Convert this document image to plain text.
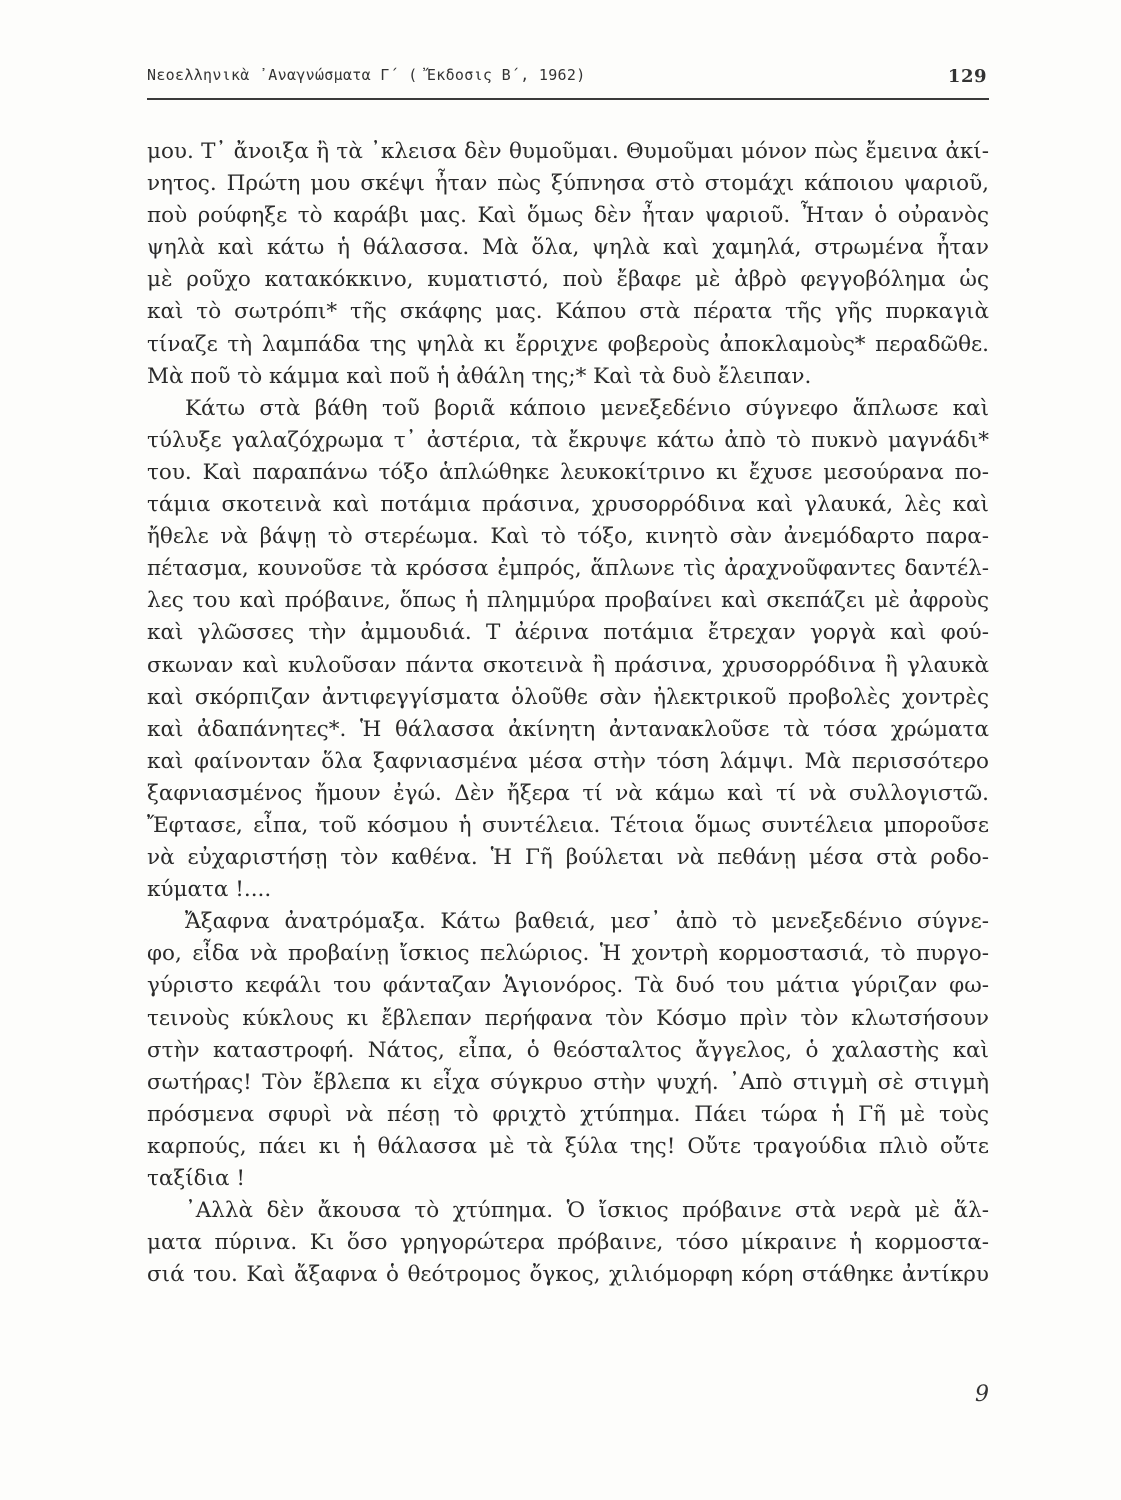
Νεοελληνικὰ ᾿Αναγνώσματα Γ΄ ( Ἔκδοσις Β΄, 1962)	129
μου. Τ᾿ ἄνοιξα ἢ τὰ ᾿κλεισα δὲν θυμοῦμαι. Θυμοῦμαι μόνον πὼς ἔμεινα ἀκί-
νητος. Πρώτη μου σκέψι ἦταν πὼς ξύπνησα στὸ στομάχι κάποιου ψαριοῦ,
ποὺ ρούφηξε τὸ καράβι μας. Καὶ ὅμως δὲν ἦταν ψαριοῦ. Ἦταν ὁ οὐρανὸς
ψηλὰ καὶ κάτω ἡ θάλασσα. Μὰ ὅλα, ψηλὰ καὶ χαμηλά, στρωμένα ἦταν
μὲ ροῦχο κατακόκκινο, κυματιστό, ποὺ ἔβαφε μὲ ἀβρὸ φεγγοβόλημα ὡς
καὶ τὸ σωτρόπι* τῆς σκάφης μας. Κάπου στὰ πέρατα τῆς γῆς πυρκαγιὰ
τίναζε τὴ λαμπάδα της ψηλὰ κι ἔρριχνε φοβεροὺς ἀποκλαμοὺς* περαδῶθε.
Μὰ ποῦ τὸ κάμμα καὶ ποῦ ἡ ἀθάλη της;* Καὶ τὰ δυὸ ἔλειπαν.
Κάτω στὰ βάθη τοῦ βοριᾶ κάποιο μενεξεδένιο σύγνεφο ἅπλωσε καὶ
τύλυξε γαλαζόχρωμα τ᾿ ἀστέρια, τὰ ἔκρυψε κάτω ἀπὸ τὸ πυκνὸ μαγνάδι*
του. Καὶ παραπάνω τόξο ἁπλώθηκε λευκοκίτρινο κι ἔχυσε μεσούρανα πο-
τάμια σκοτεινὰ καὶ ποτάμια πράσινα, χρυσορρόδινα καὶ γλαυκά, λὲς καὶ
ἤθελε νὰ βάψῃ τὸ στερέωμα. Καὶ τὸ τόξο, κινητὸ σὰν ἀνεμόδαρτο παρα-
πέτασμα, κουνοῦσε τὰ κρόσσα ἐμπρός, ἅπλωνε τὶς ἀραχνοῦφαντες δαντέλ-
λες του καὶ πρόβαινε, ὅπως ἡ πλημμύρα προβαίνει καὶ σκεπάζει μὲ ἀφροὺς
καὶ γλῶσσες τὴν ἀμμουδιά. Τ ἀέρινα ποτάμια ἔτρεχαν γοργὰ καὶ φού-
σκωναν καὶ κυλοῦσαν πάντα σκοτεινὰ ἢ πράσινα, χρυσορρόδινα ἢ γλαυκὰ
καὶ σκόρπιζαν ἀντιφεγγίσματα ὁλοῦθε σὰν ἠλεκτρικοῦ προβολὲς χοντρὲς
καὶ ἀδαπάνητες*. Ἡ θάλασσα ἀκίνητη ἀντανακλοῦσε τὰ τόσα χρώματα
καὶ φαίνονταν ὅλα ξαφνιασμένα μέσα στὴν τόση λάμψι. Μὰ περισσότερο
ξαφνιασμένος ἤμουν ἐγώ. Δὲν ἤξερα τί νὰ κάμω καὶ τί νὰ συλλογιστῶ.
Ἔφτασε, εἶπα, τοῦ κόσμου ἡ συντέλεια. Τέτοια ὅμως συντέλεια μποροῦσε
νὰ εὐχαριστήσῃ τὸν καθένα. Ἡ Γῆ βούλεται νὰ πεθάνῃ μέσα στὰ ροδο-
κύματα !....
Ἄξαφνα ἀνατρόμαξα. Κάτω βαθειά, μεσ᾿ ἀπὸ τὸ μενεξεδένιο σύγνε-
φο, εἶδα νὰ προβαίνῃ ἴσκιος πελώριος. Ἡ χοντρὴ κορμοστασιά, τὸ πυργο-
γύριστο κεφάλι του φάνταζαν Ἁγιονόρος. Τὰ δυό του μάτια γύριζαν φω-
τεινοὺς κύκλους κι ἔβλεπαν περήφανα τὸν Κόσμο πρὶν τὸν κλωτσήσουν
στὴν καταστροφή. Νάτος, εἶπα, ὁ θεόσταλτος ἄγγελος, ὁ χαλαστὴς καὶ
σωτήρας! Τὸν ἔβλεπα κι εἶχα σύγκρυο στὴν ψυχή. ᾿Απὸ στιγμὴ σὲ στιγμὴ
πρόσμενα σφυρὶ νὰ πέσῃ τὸ φριχτὸ χτύπημα. Πάει τώρα ἡ Γῆ μὲ τοὺς
καρπούς, πάει κι ἡ θάλασσα μὲ τὰ ξύλα της! Οὔτε τραγούδια πλιὸ οὔτε
ταξίδια !
᾿Αλλὰ δὲν ἄκουσα τὸ χτύπημα. Ὁ ἴσκιος πρόβαινε στὰ νερὰ μὲ ἅλ-
ματα πύρινα. Κι ὅσο γρηγορώτερα πρόβαινε, τόσο μίκραινε ἡ κορμοστα-
σιά του. Καὶ ἄξαφνα ὁ θεότρομος ὄγκος, χιλιόμορφη κόρη στάθηκε ἀντίκρυ
9
